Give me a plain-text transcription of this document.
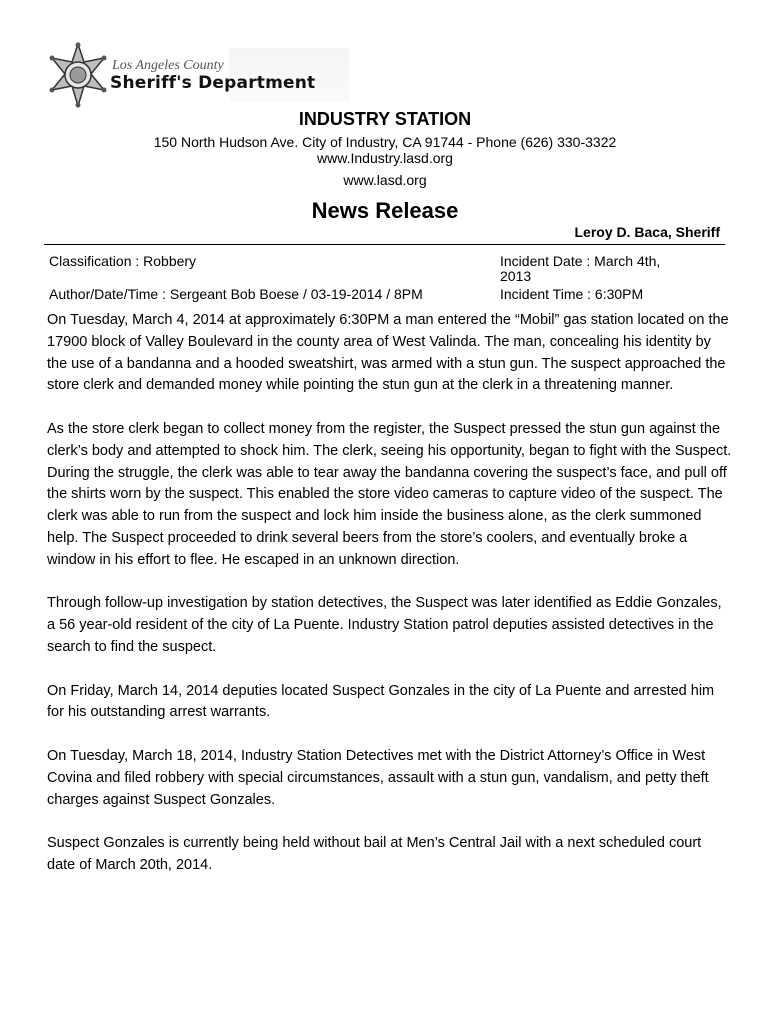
Los Angeles County
Sheriff's Department
INDUSTRY STATION
150 North Hudson Ave. City of Industry, CA 91744 - Phone (626) 330-3322
www.Industry.lasd.org
www.lasd.org
News Release
Leroy D. Baca, Sheriff
Classification : Robbery	Incident Date : March 4th,
2013
Author/Date/Time : Sergeant Bob Boese / 03-19-2014 / 8PM	Incident Time : 6:30PM

On Tuesday, March 4, 2014 at approximately 6:30PM a man entered the “Mobil” gas station located on the 17900 block of Valley Boulevard in the county area of West Valinda. The man, concealing his identity by the use of a bandanna and a hooded sweatshirt, was armed with a stun gun. The suspect approached the store clerk and demanded money while pointing the stun gun at the clerk in a threatening manner.

As the store clerk began to collect money from the register, the Suspect pressed the stun gun against the clerk’s body and attempted to shock him. The clerk, seeing his opportunity, began to fight with the Suspect. During the struggle, the clerk was able to tear away the bandanna covering the suspect’s face, and pull off the shirts worn by the suspect. This enabled the store video cameras to capture video of the suspect. The clerk was able to run from the suspect and lock him inside the business alone, as the clerk summoned help. The Suspect proceeded to drink several beers from the store’s coolers, and eventually broke a window in his effort to flee. He escaped in an unknown direction.

Through follow-up investigation by station detectives, the Suspect was later identified as Eddie Gonzales, a 56 year-old resident of the city of La Puente. Industry Station patrol deputies assisted detectives in the search to find the suspect.

On Friday, March 14, 2014 deputies located Suspect Gonzales in the city of La Puente and arrested him for his outstanding arrest warrants.

On Tuesday, March 18, 2014, Industry Station Detectives met with the District Attorney’s Office in West Covina and filed robbery with special circumstances, assault with a stun gun, vandalism, and petty theft charges against Suspect Gonzales.

Suspect Gonzales is currently being held without bail at Men’s Central Jail with a next scheduled court date of March 20th, 2014.
